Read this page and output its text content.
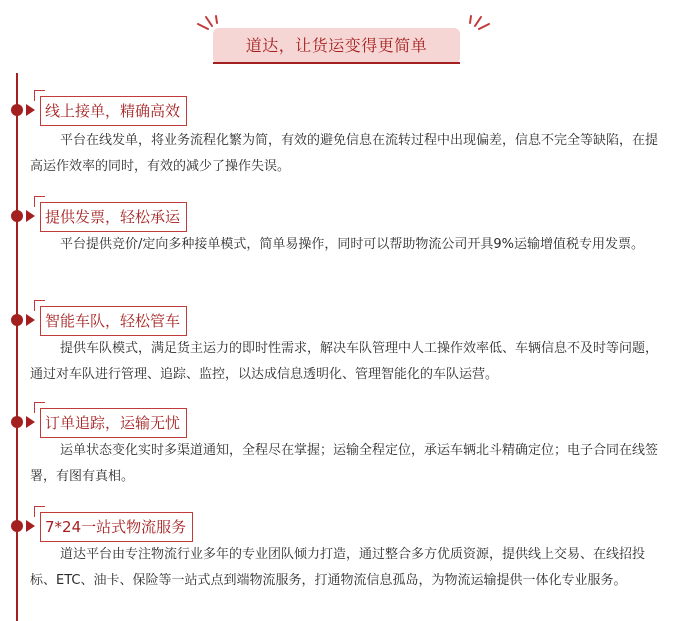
道达，让货运变得更简单
线上接单，精确高效
平台在线发单，将业务流程化繁为简，有效的避免信息在流转过程中出现偏差，信息不完全等缺陷，在提高运作效率的同时，有效的减少了操作失误。
提供发票，轻松承运
平台提供竞价/定向多种接单模式，简单易操作，同时可以帮助物流公司开具9%运输增值税专用发票。
智能车队，轻松管车
提供车队模式，满足货主运力的即时性需求，解决车队管理中人工操作效率低、车辆信息不及时等问题，通过对车队进行管理、追踪、监控，以达成信息透明化、管理智能化的车队运营。
订单追踪，运输无忧
运单状态变化实时多渠道通知，全程尽在掌握；运输全程定位，承运车辆北斗精确定位；电子合同在线签署，有图有真相。
7*24一站式物流服务
道达平台由专注物流行业多年的专业团队倾力打造，通过整合多方优质资源，提供线上交易、在线招投标、ETC、油卡、保险等一站式点到端物流服务，打通物流信息孤岛，为物流运输提供一体化专业服务。
